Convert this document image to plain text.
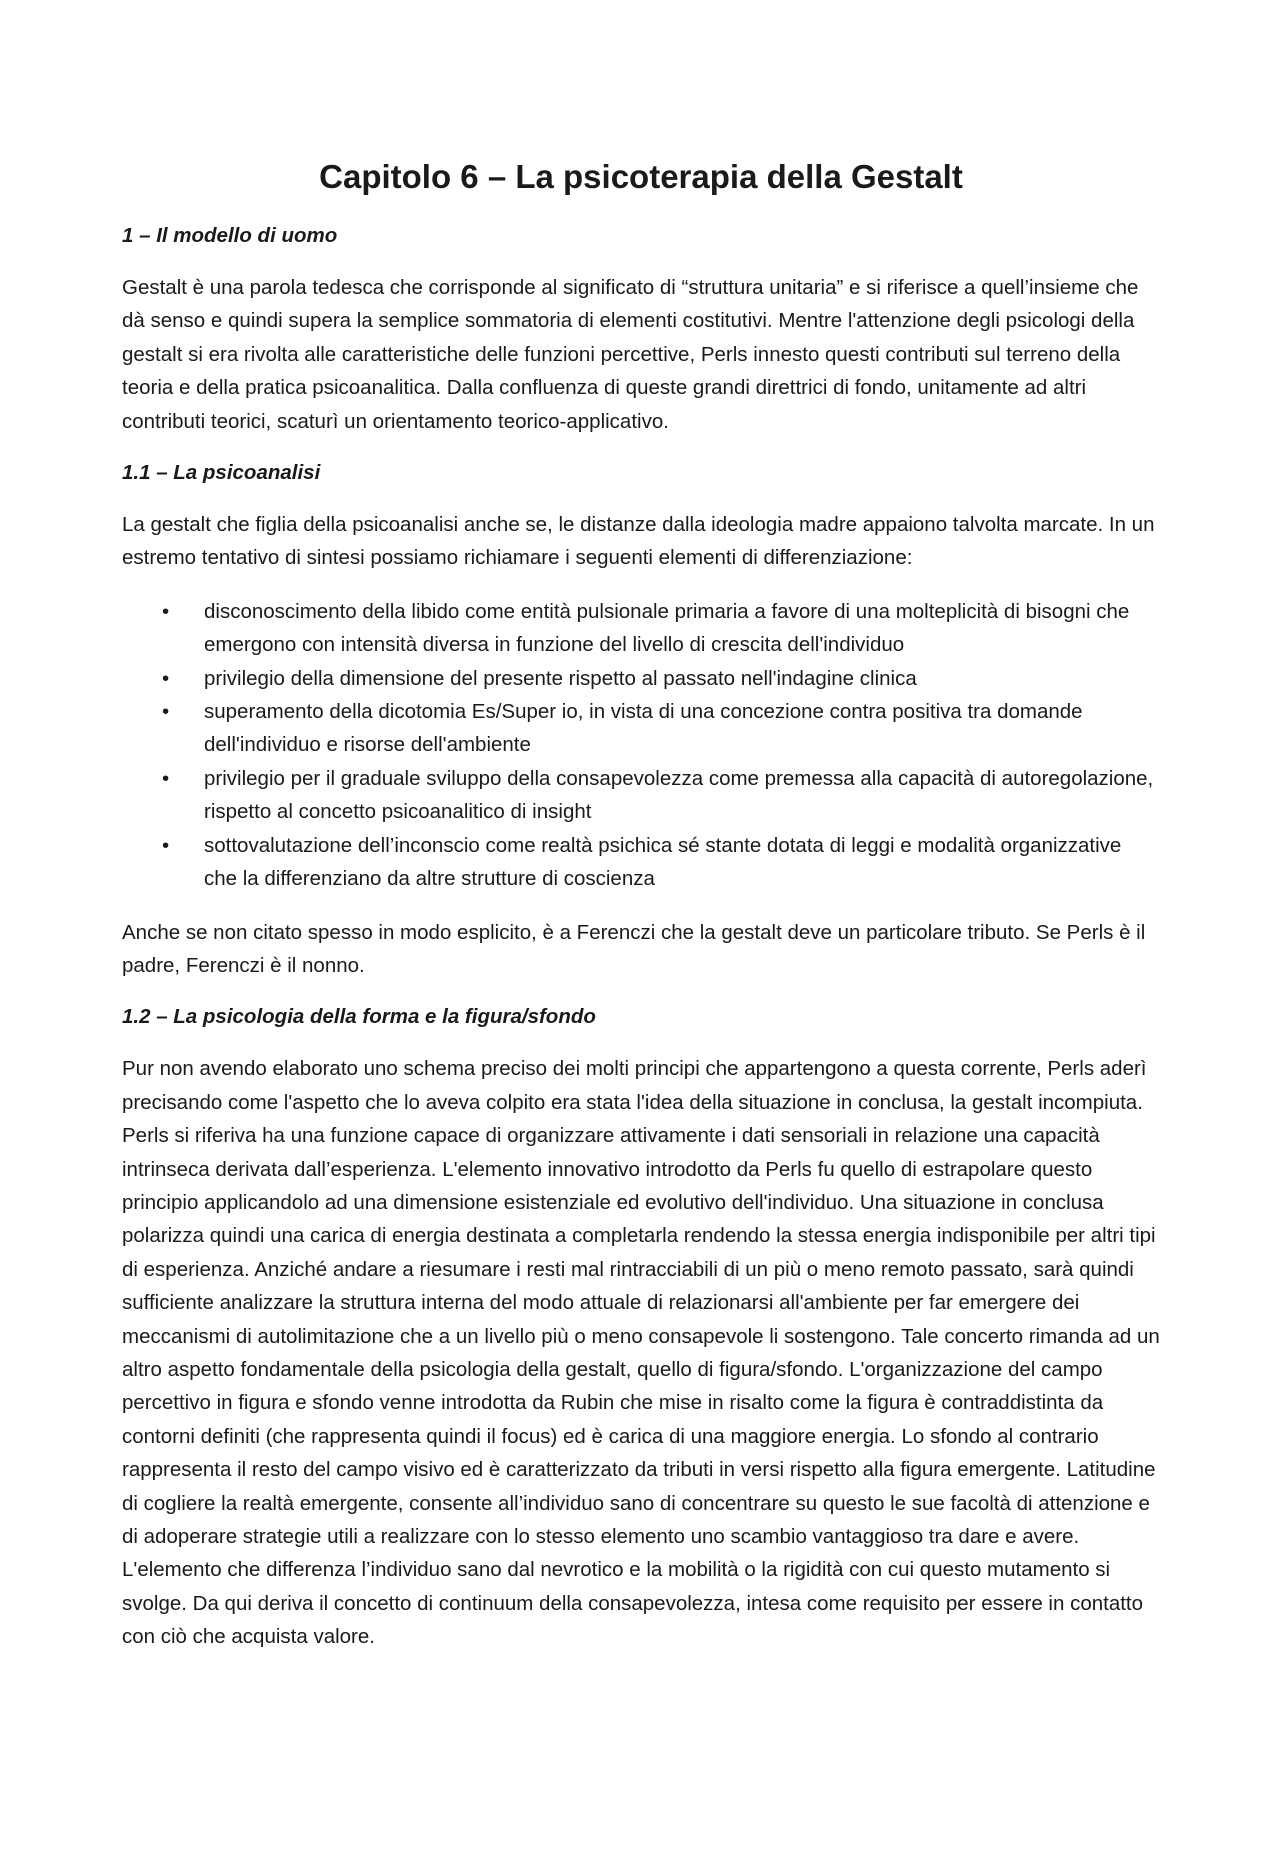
Capitolo 6 – La psicoterapia della Gestalt
1 – Il modello di uomo

Gestalt è una parola tedesca che corrisponde al significato di “struttura unitaria” e si riferisce a quell’insieme che dà senso e quindi supera la semplice sommatoria di elementi costitutivi. Mentre l'attenzione degli psicologi della gestalt si era rivolta alle caratteristiche delle funzioni percettive, Perls innesto questi contributi sul terreno della teoria e della pratica psicoanalitica. Dalla confluenza di queste grandi direttrici di fondo, unitamente ad altri contributi teorici, scaturì un orientamento teorico-applicativo.

1.1 – La psicoanalisi

La gestalt che figlia della psicoanalisi anche se, le distanze dalla ideologia madre appaiono talvolta marcate. In un estremo tentativo di sintesi possiamo richiamare i seguenti elementi di differenziazione:

• disconoscimento della libido come entità pulsionale primaria a favore di una molteplicità di bisogni che emergono con intensità diversa in funzione del livello di crescita dell'individuo
• privilegio della dimensione del presente rispetto al passato nell'indagine clinica
• superamento della dicotomia Es/Super io, in vista di una concezione contra positiva tra domande dell'individuo e risorse dell'ambiente
• privilegio per il graduale sviluppo della consapevolezza come premessa alla capacità di autoregolazione, rispetto al concetto psicoanalitico di insight
• sottovalutazione dell’inconscio come realtà psichica sé stante dotata di leggi e modalità organizzative che la differenziano da altre strutture di coscienza

Anche se non citato spesso in modo esplicito, è a Ferenczi che la gestalt deve un particolare tributo. Se Perls è il padre, Ferenczi è il nonno.

1.2 – La psicologia della forma e la figura/sfondo

Pur non avendo elaborato uno schema preciso dei molti principi che appartengono a questa corrente, Perls aderì precisando come l'aspetto che lo aveva colpito era stata l'idea della situazione in conclusa, la gestalt incompiuta. Perls si riferiva ha una funzione capace di organizzare attivamente i dati sensoriali in relazione una capacità intrinseca derivata dall’esperienza. L'elemento innovativo introdotto da Perls fu quello di estrapolare questo principio applicandolo ad una dimensione esistenziale ed evolutivo dell'individuo. Una situazione in conclusa polarizza quindi una carica di energia destinata a completarla rendendo la stessa energia indisponibile per altri tipi di esperienza. Anziché andare a riesumare i resti mal rintracciabili di un più o meno remoto passato, sarà quindi sufficiente analizzare la struttura interna del modo attuale di relazionarsi all'ambiente per far emergere dei meccanismi di autolimitazione che a un livello più o meno consapevole li sostengono. Tale concerto rimanda ad un altro aspetto fondamentale della psicologia della gestalt, quello di figura/sfondo. L'organizzazione del campo percettivo in figura e sfondo venne introdotta da Rubin che mise in risalto come la figura è contraddistinta da contorni definiti (che rappresenta quindi il focus) ed è carica di una maggiore energia. Lo sfondo al contrario rappresenta il resto del campo visivo ed è caratterizzato da tributi in versi rispetto alla figura emergente. Latitudine di cogliere la realtà emergente, consente all’individuo sano di concentrare su questo le sue facoltà di attenzione e di adoperare strategie utili a realizzare con lo stesso elemento uno scambio vantaggioso tra dare e avere. L'elemento che differenza l’individuo sano dal nevrotico e la mobilità o la rigidità con cui questo mutamento si svolge. Da qui deriva il concetto di continuum della consapevolezza, intesa come requisito per essere in contatto con ciò che acquista valore.
